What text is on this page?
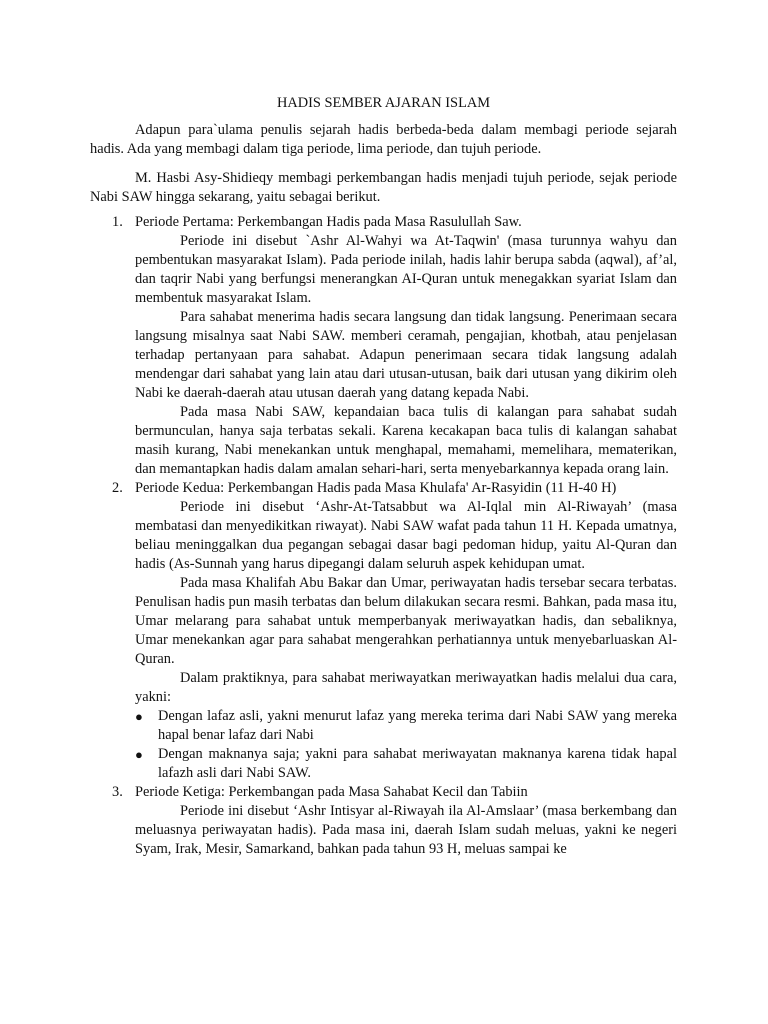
HADIS SEMBER AJARAN ISLAM

Adapun para`ulama penulis sejarah hadis berbeda-beda dalam membagi periode sejarah hadis. Ada yang membagi dalam tiga periode, lima periode, dan tujuh periode.

M. Hasbi Asy-Shidieqy membagi perkembangan hadis menjadi tujuh periode, sejak periode Nabi SAW hingga sekarang, yaitu sebagai berikut.

1. Periode Pertama: Perkembangan Hadis pada Masa Rasulullah Saw.

Periode ini disebut `Ashr Al-Wahyi wa At-Taqwin' (masa turunnya wahyu dan pembentukan masyarakat Islam). Pada periode inilah, hadis lahir berupa sabda (aqwal), af’al, dan taqrir Nabi yang berfungsi menerangkan AI-Quran untuk menegakkan syariat Islam dan membentuk masyarakat Islam.

Para sahabat menerima hadis secara langsung dan tidak langsung. Penerimaan secara langsung misalnya saat Nabi SAW. memberi ceramah, pengajian, khotbah, atau penjelasan terhadap pertanyaan para sahabat. Adapun penerimaan secara tidak langsung adalah mendengar dari sahabat yang lain atau dari utusan-utusan, baik dari utusan yang dikirim oleh Nabi ke daerah-daerah atau utusan daerah yang datang kepada Nabi.

Pada masa Nabi SAW, kepandaian baca tulis di kalangan para sahabat sudah bermunculan, hanya saja terbatas sekali. Karena kecakapan baca tulis di kalangan sahabat masih kurang, Nabi menekankan untuk menghapal, memahami, memelihara, mematerikan, dan memantapkan hadis dalam amalan sehari-hari, serta menyebarkannya kepada orang lain.

2. Periode Kedua: Perkembangan Hadis pada Masa Khulafa' Ar-Rasyidin (11 H-40 H)

Periode ini disebut ‘Ashr-At-Tatsabbut wa Al-Iqlal min Al-Riwayah’ (masa membatasi dan menyedikitkan riwayat). Nabi SAW wafat pada tahun 11 H. Kepada umatnya, beliau meninggalkan dua pegangan sebagai dasar bagi pedoman hidup, yaitu Al-Quran dan hadis (As-Sunnah yang harus dipegangi dalam seluruh aspek kehidupan umat.

Pada masa Khalifah Abu Bakar dan Umar, periwayatan hadis tersebar secara terbatas. Penulisan hadis pun masih terbatas dan belum dilakukan secara resmi. Bahkan, pada masa itu, Umar melarang para sahabat untuk memperbanyak meriwayatkan hadis, dan sebaliknya, Umar menekankan agar para sahabat mengerahkan perhatiannya untuk menyebarluaskan Al-Quran.

Dalam praktiknya, para sahabat meriwayatkan meriwayatkan hadis melalui dua cara, yakni:

● Dengan lafaz asli, yakni menurut lafaz yang mereka terima dari Nabi SAW yang mereka hapal benar lafaz dari Nabi

● Dengan maknanya saja; yakni para sahabat meriwayatan maknanya karena tidak hapal lafazh asli dari Nabi SAW.

3. Periode Ketiga: Perkembangan pada Masa Sahabat Kecil dan Tabiin

Periode ini disebut ‘Ashr Intisyar al-Riwayah ila Al-Amslaar’ (masa berkembang dan meluasnya periwayatan hadis). Pada masa ini, daerah Islam sudah meluas, yakni ke negeri Syam, Irak, Mesir, Samarkand, bahkan pada tahun 93 H, meluas sampai ke
